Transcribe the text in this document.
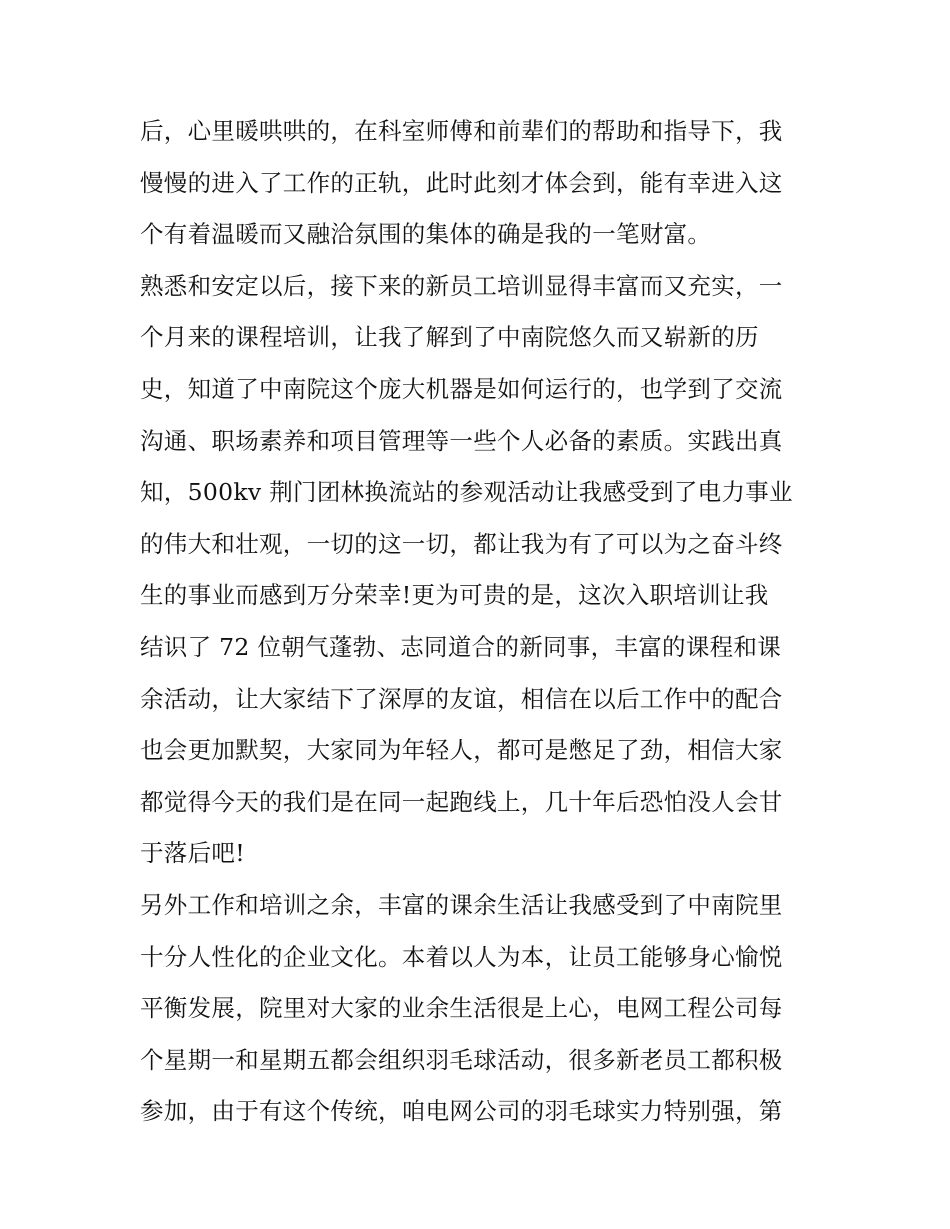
后，心里暖哄哄的，在科室师傅和前辈们的帮助和指导下，我
慢慢的进入了工作的正轨，此时此刻才体会到，能有幸进入这
个有着温暖而又融洽氛围的集体的确是我的一笔财富。
熟悉和安定以后，接下来的新员工培训显得丰富而又充实，一
个月来的课程培训，让我了解到了中南院悠久而又崭新的历
史，知道了中南院这个庞大机器是如何运行的，也学到了交流
沟通、职场素养和项目管理等一些个人必备的素质。实践出真
知，500kv 荆门团林换流站的参观活动让我感受到了电力事业
的伟大和壮观，一切的这一切，都让我为有了可以为之奋斗终
生的事业而感到万分荣幸!更为可贵的是，这次入职培训让我
结识了 72 位朝气蓬勃、志同道合的新同事，丰富的课程和课
余活动，让大家结下了深厚的友谊，相信在以后工作中的配合
也会更加默契，大家同为年轻人，都可是憋足了劲，相信大家
都觉得今天的我们是在同一起跑线上，几十年后恐怕没人会甘
于落后吧!
另外工作和培训之余，丰富的课余生活让我感受到了中南院里
十分人性化的企业文化。本着以人为本，让员工能够身心愉悦
平衡发展，院里对大家的业余生活很是上心，电网工程公司每
个星期一和星期五都会组织羽毛球活动，很多新老员工都积极
参加，由于有这个传统，咱电网公司的羽毛球实力特别强，第
